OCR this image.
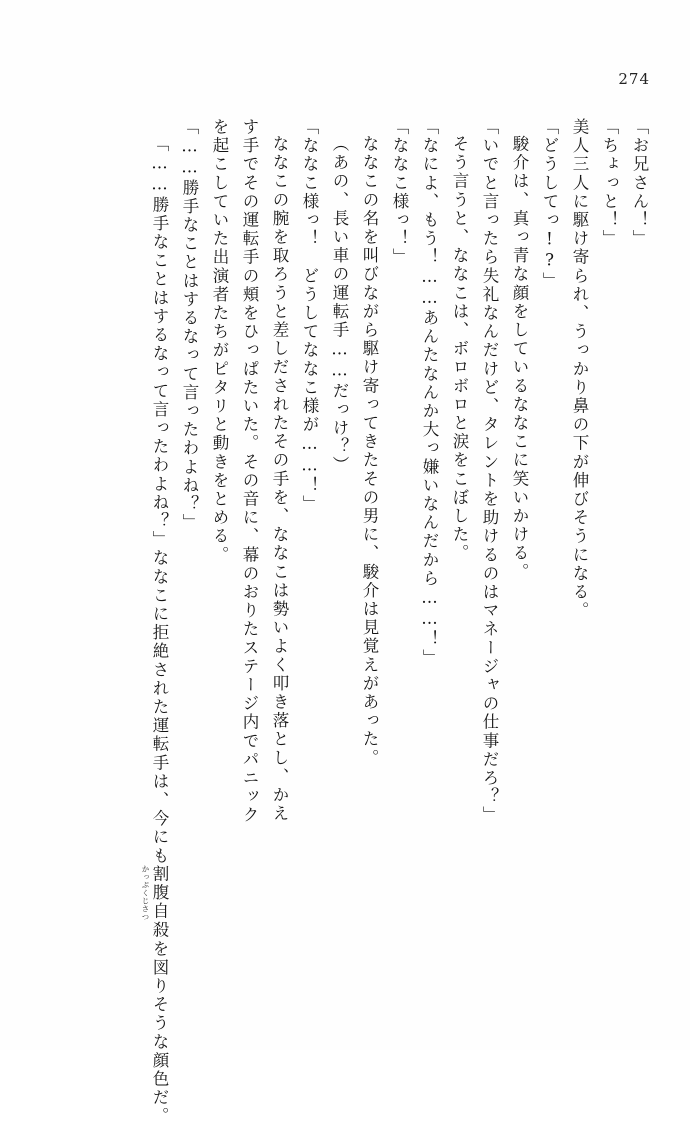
274
「お兄さん！」
「ちょっと！」
美人三人に駆け寄られ、うっかり鼻の下が伸びそうになる。
「どうしてっ!?」
駿介は、真っ青な顔をしているななこに笑いかける。
「いでと言ったら失礼なんだけど、タレントを助けるのはマネージャの仕事だろ？」
そう言うと、ななこは、ボロボロと涙をこぼした。
「なによ、もう！……あんたなんか大っ嫌いなんだから……！」
「ななこ様っ！」
ななこの名を叫びながら駆け寄ってきたその男に、駿介は見覚えがあった。
（あの、長い車の運転手……だっけ？）
「ななこ様っ！　どうしてななこ様が……！」
ななこの腕を取ろうと差しだされたその手を、ななこは勢いよく叩き落とし、かえ
す手でその運転手の頬をひっぱたいた。その音に、幕のおりたステージ内でパニック
を起こしていた出演者たちがピタリと動きをとめる。
「……勝手なことはするなって言ったわよね？」
「……勝手なことはするなって言ったわよね？」ななこに拒絶された運転手は、今にも
かっぷくじさつ 割腹自殺を図りそうな顔色だ。
